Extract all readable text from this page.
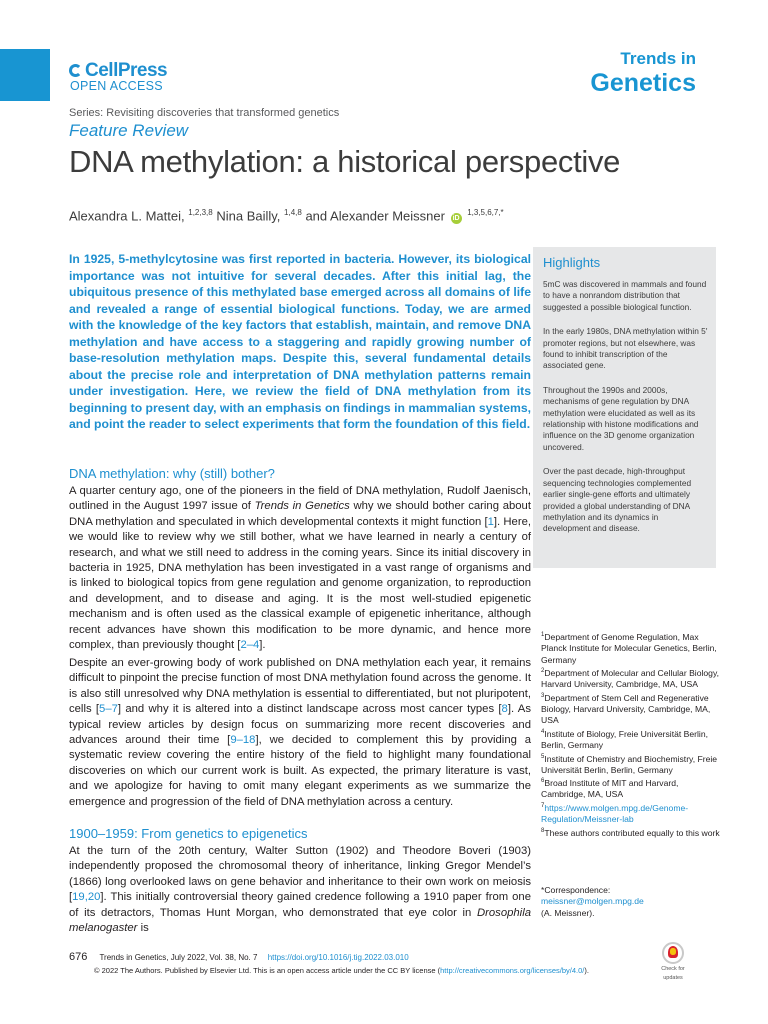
CellPress
OPEN ACCESS
Trends in
Genetics
Series: Revisiting discoveries that transformed genetics
Feature Review
DNA methylation: a historical perspective
Alexandra L. Mattei, $^{1,2,3,8}$ Nina Bailly, $^{1,4,8}$ and Alexander Meissner iD $^{1,3,5,6,7,*}$
In 1925, 5-methylcytosine was first reported in bacteria. However, its biological importance was not intuitive for several decades. After this initial lag, the ubiquitous presence of this methylated base emerged across all domains of life and revealed a range of essential biological functions. Today, we are armed with the knowledge of the key factors that establish, maintain, and remove DNA methylation and have access to a staggering and rapidly growing number of base-resolution methylation maps. Despite this, several fundamental details about the precise role and interpretation of DNA methylation patterns remain under investigation. Here, we review the field of DNA methylation from its beginning to present day, with an emphasis on findings in mammalian systems, and point the reader to select experiments that form the foundation of this field.
Highlights

5mC was discovered in mammals and found to have a nonrandom distribution that suggested a possible biological function.

In the early 1980s, DNA methylation within 5′ promoter regions, but not elsewhere, was found to inhibit transcription of the associated gene.

Throughout the 1990s and 2000s, mechanisms of gene regulation by DNA methylation were elucidated as well as its relationship with histone modifications and influence on the 3D genome organization uncovered.

Over the past decade, high-throughput sequencing technologies complemented earlier single-gene efforts and ultimately provided a global understanding of DNA methylation and its dynamics in development and disease.

DNA methylation: why (still) bother?
A quarter century ago, one of the pioneers in the field of DNA methylation, Rudolf Jaenisch, outlined in the August 1997 issue of Trends in Genetics why we should bother caring about DNA methylation and speculated in which developmental contexts it might function [1]. Here, we would like to review why we still bother, what we have learned in nearly a century of research, and what we still need to address in the coming years. Since its initial discovery in bacteria in 1925, DNA methylation has been investigated in a vast range of organisms and is linked to biological topics from gene regulation and genome organization, to reproduction and development, and to disease and aging. It is the most well-studied epigenetic mechanism and is often used as the classical example of epigenetic inheritance, although recent advances have shown this modification to be more dynamic, and hence more complex, than previously thought [2–4].
Despite an ever-growing body of work published on DNA methylation each year, it remains difficult to pinpoint the precise function of most DNA methylation found across the genome. It is also still unresolved why DNA methylation is essential to differentiated, but not pluripotent, cells [5–7] and why it is altered into a distinct landscape across most cancer types [8]. As typical review articles by design focus on summarizing more recent discoveries and advances around their time [9–18], we decided to complement this by providing a systematic review covering the entire history of the field to highlight many foundational discoveries on which our current work is built. As expected, the primary literature is vast, and we apologize for having to omit many elegant experiments as we summarize the emergence and progression of the field of DNA methylation across a century.
1900–1959: From genetics to epigenetics
At the turn of the 20th century, Walter Sutton (1902) and Theodore Boveri (1903) independently proposed the chromosomal theory of inheritance, linking Gregor Mendel’s (1866) long overlooked laws on gene behavior and inheritance to their own work on meiosis [19,20]. This initially controversial theory gained credence following a 1910 paper from one of its detractors, Thomas Hunt Morgan, who demonstrated that eye color in Drosophila melanogaster is
$^1$Department of Genome Regulation, Max Planck Institute for Molecular Genetics, Berlin, Germany
$^2$Department of Molecular and Cellular Biology, Harvard University, Cambridge, MA, USA
$^3$Department of Stem Cell and Regenerative Biology, Harvard University, Cambridge, MA, USA
$^4$Institute of Biology, Freie Universität Berlin, Berlin, Germany
$^5$Institute of Chemistry and Biochemistry, Freie Universität Berlin, Berlin, Germany
$^6$Broad Institute of MIT and Harvard, Cambridge, MA, USA
$^7$https://www.molgen.mpg.de/Genome-Regulation/Meissner-lab
$^8$These authors contributed equally to this work
*Correspondence:
meissner@molgen.mpg.de
(A. Meissner).
676 Trends in Genetics, July 2022, Vol. 38, No. 7 https://doi.org/10.1016/j.tig.2022.03.010
© 2022 The Authors. Published by Elsevier Ltd. This is an open access article under the CC BY license (http://creativecommons.org/licenses/by/4.0/).	Check for
updates
